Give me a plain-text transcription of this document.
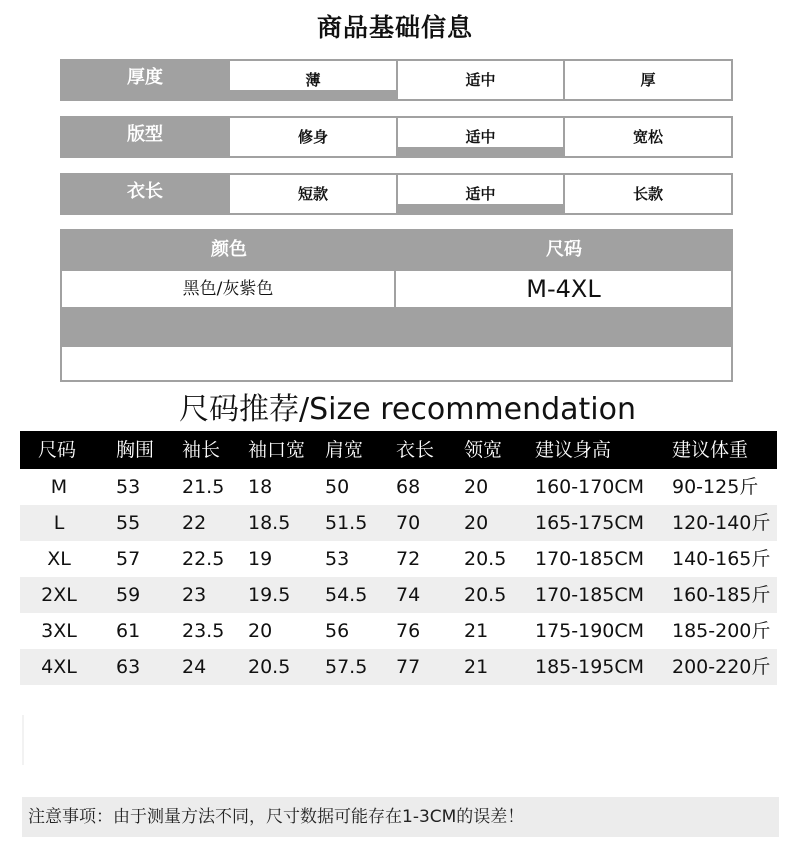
商品基础信息
厚度	薄	适中	厚
版型	修身	适中	宽松
衣长	短款	适中	长款
颜色	尺码
黑色/灰紫色	M-4XL
尺码推荐/Size recommendation
尺码 胸围 袖长 袖口宽 肩宽 衣长 领宽 建议身高	建议体重
M	53 21.5 18	50 68 20 160-170CM 90-125斤
L	55 22 18.5 51.5 70 20 165-175CM 120-140斤
XL	57 22.5 19	53 72 20.5 170-185CM 140-165斤
2XL	59 23 19.5 54.5 74 20.5 170-185CM 160-185斤
3XL	61 23.5 20	56 76 21 175-190CM 185-200斤
4XL	63 24 20.5 57.5 77 21 185-195CM 200-220斤
注意事项：由于测量方法不同，尺寸数据可能存在1-3CM的误差！
